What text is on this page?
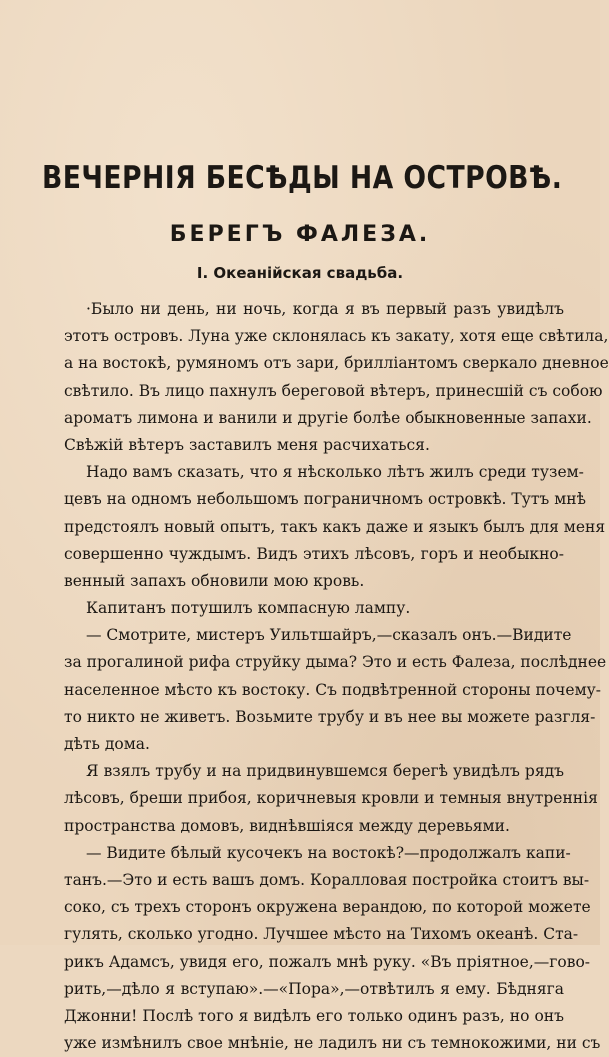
ВЕЧЕРНІЯ БЕСѢДЫ НА ОСТРОВѢ.
БЕРЕГЪ ФАЛЕЗА.
I. Океанійская свадьба.
·Было ни день, ни ночь, когда я въ первый разъ увидѣлъ
этотъ островъ. Луна уже склонялась къ закату, хотя еще свѣтила,
а на востокѣ, румяномъ отъ зари, бриллiантомъ сверкало дневное
свѣтило. Въ лицо пахнулъ береговой вѣтеръ, принесшiй съ собою
ароматъ лимона и ванили и другiе болѣе обыкновенные запахи.
Свѣжiй вѣтеръ заставилъ меня расчихаться.
Надо вамъ сказать, что я нѣсколько лѣтъ жилъ среди тузем-
цевъ на одномъ небольшомъ пограничномъ островкѣ. Тутъ мнѣ
предстоялъ новый опытъ, такъ какъ даже и языкъ былъ для меня
совершенно чуждымъ. Видъ этихъ лѣсовъ, горъ и необыкно-
венный запахъ обновили мою кровь.
Капитанъ потушилъ компасную лампу.
— Смотрите, мистеръ Уильтшайръ,—сказалъ онъ.—Видите
за прогалиной рифа струйку дыма? Это и есть Фалеза, послѣднее
населенное мѣсто къ востоку. Съ подвѣтренной стороны почему-
то никто не живетъ. Возьмите трубу и въ нее вы можете разгля-
дѣть дома.
Я взялъ трубу и на придвинувшемся берегѣ увидѣлъ рядъ
лѣсовъ, бреши прибоя, коричневыя кровли и темныя внутреннiя
пространства домовъ, виднѣвшiяся между деревьями.
— Видите бѣлый кусочекъ на востокѣ?—продолжалъ капи-
танъ.—Это и есть вашъ домъ. Коралловая постройка стоитъ вы-
соко, съ трехъ сторонъ окружена верандою, по которой можете
гулять, сколько угодно. Лучшее мѣсто на Тихомъ океанѣ. Ста-
рикъ Адамсъ, увидя его, пожалъ мнѣ руку. «Въ прiятное,—гово-
рить,—дѣло я вступаю».—«Пора»,—отвѣтилъ я ему. Бѣдняга
Джонни! Послѣ того я видѣлъ его только одинъ разъ, но онъ
уже измѣнилъ свое мнѣнiе, не ладилъ ни съ темнокожими, ни съ
